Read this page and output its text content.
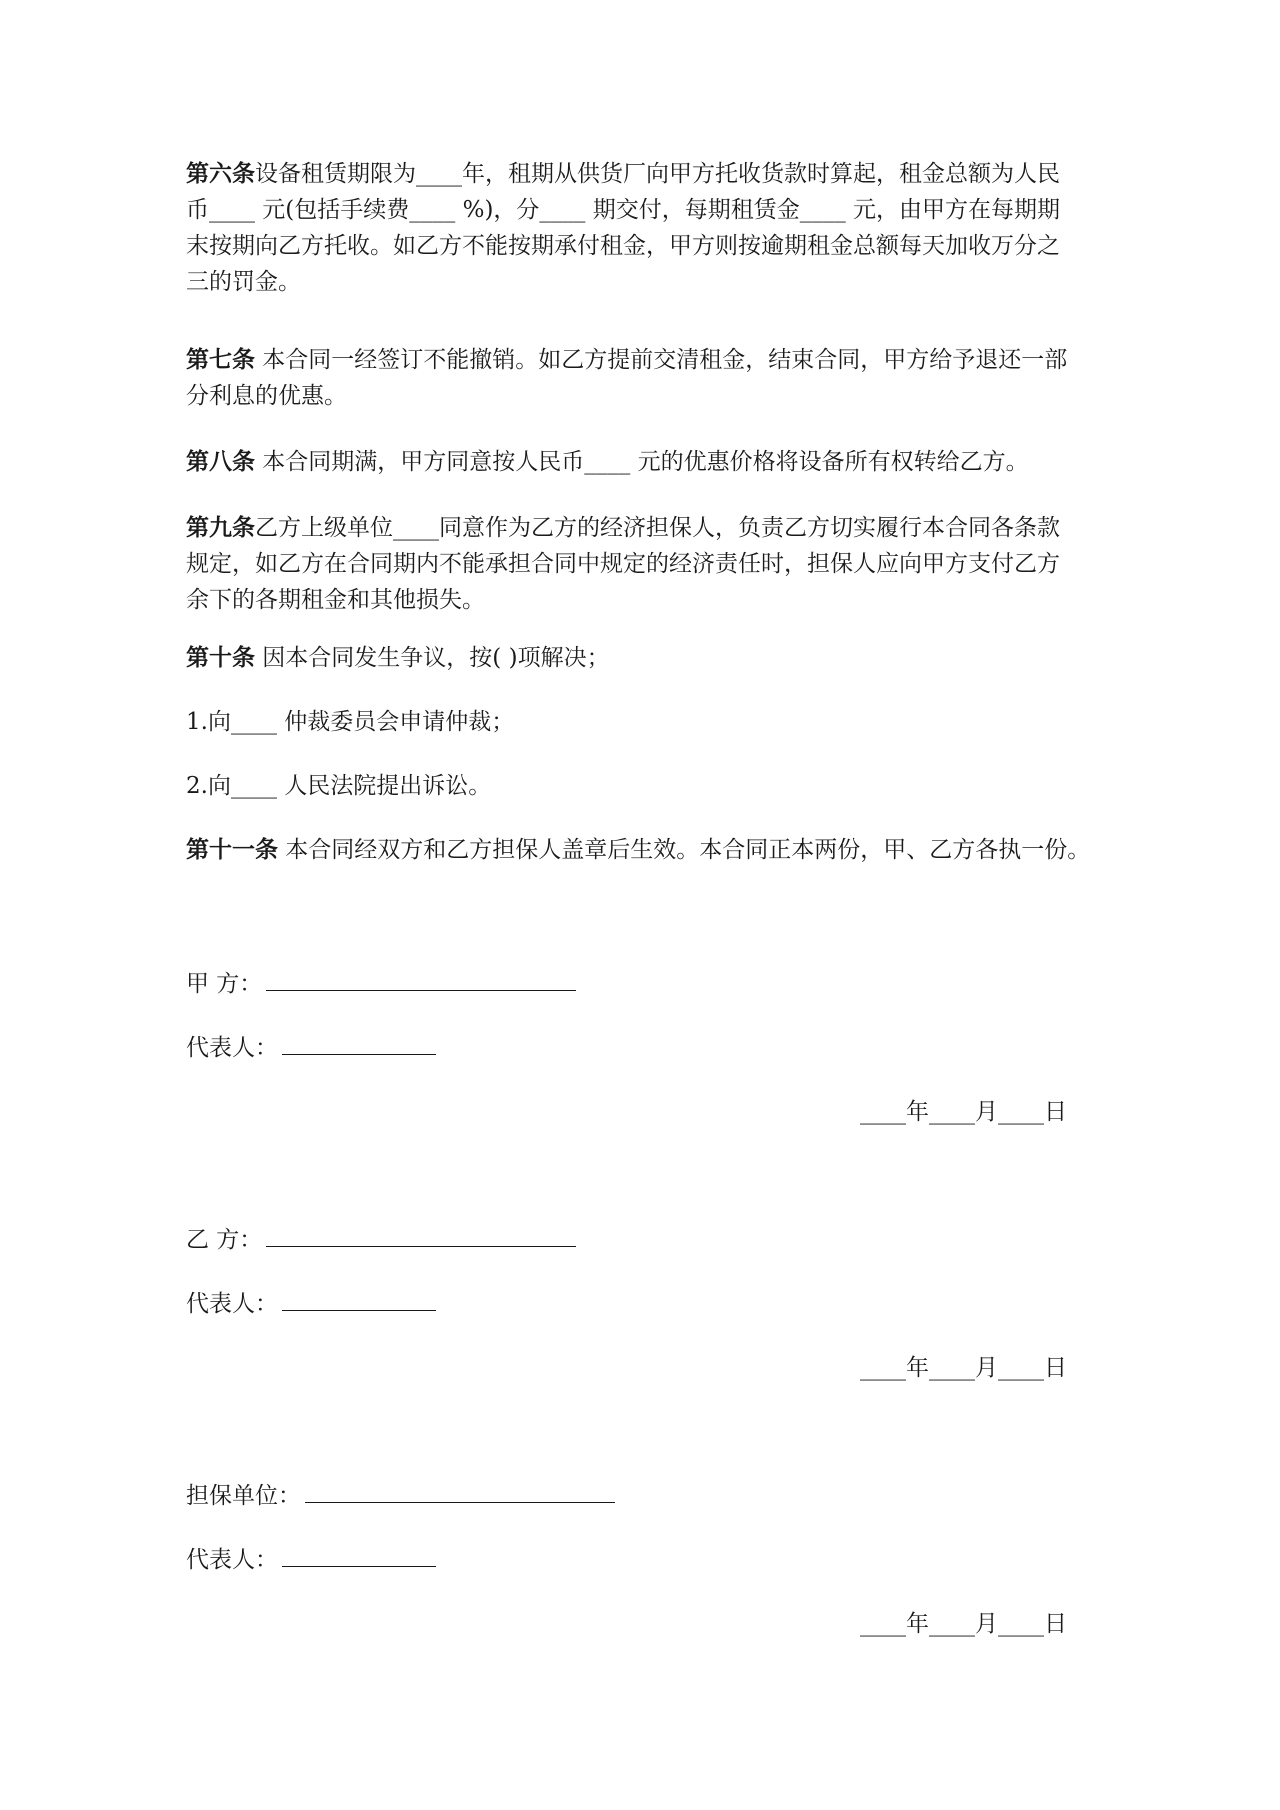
第六条设备租赁期限为____年，租期从供货厂向甲方托收货款时算起，租金总额为人民
币____ 元(包括手续费____ %)，分____ 期交付，每期租赁金____ 元，由甲方在每期期
末按期向乙方托收。如乙方不能按期承付租金，甲方则按逾期租金总额每天加收万分之
三的罚金。
第七条 本合同一经签订不能撤销。如乙方提前交清租金，结束合同，甲方给予退还一部
分利息的优惠。
第八条 本合同期满，甲方同意按人民币____ 元的优惠价格将设备所有权转给乙方。
第九条乙方上级单位____同意作为乙方的经济担保人，负责乙方切实履行本合同各条款
规定，如乙方在合同期内不能承担合同中规定的经济责任时，担保人应向甲方支付乙方
余下的各期租金和其他损失。
第十条 因本合同发生争议，按( )项解决；
1.向____ 仲裁委员会申请仲裁；
2.向____ 人民法院提出诉讼。
第十一条 本合同经双方和乙方担保人盖章后生效。本合同正本两份，甲、乙方各执一份。
甲 方：
代表人：
____年____月____日
乙 方：
代表人：
____年____月____日
担保单位：
代表人：
____年____月____日
